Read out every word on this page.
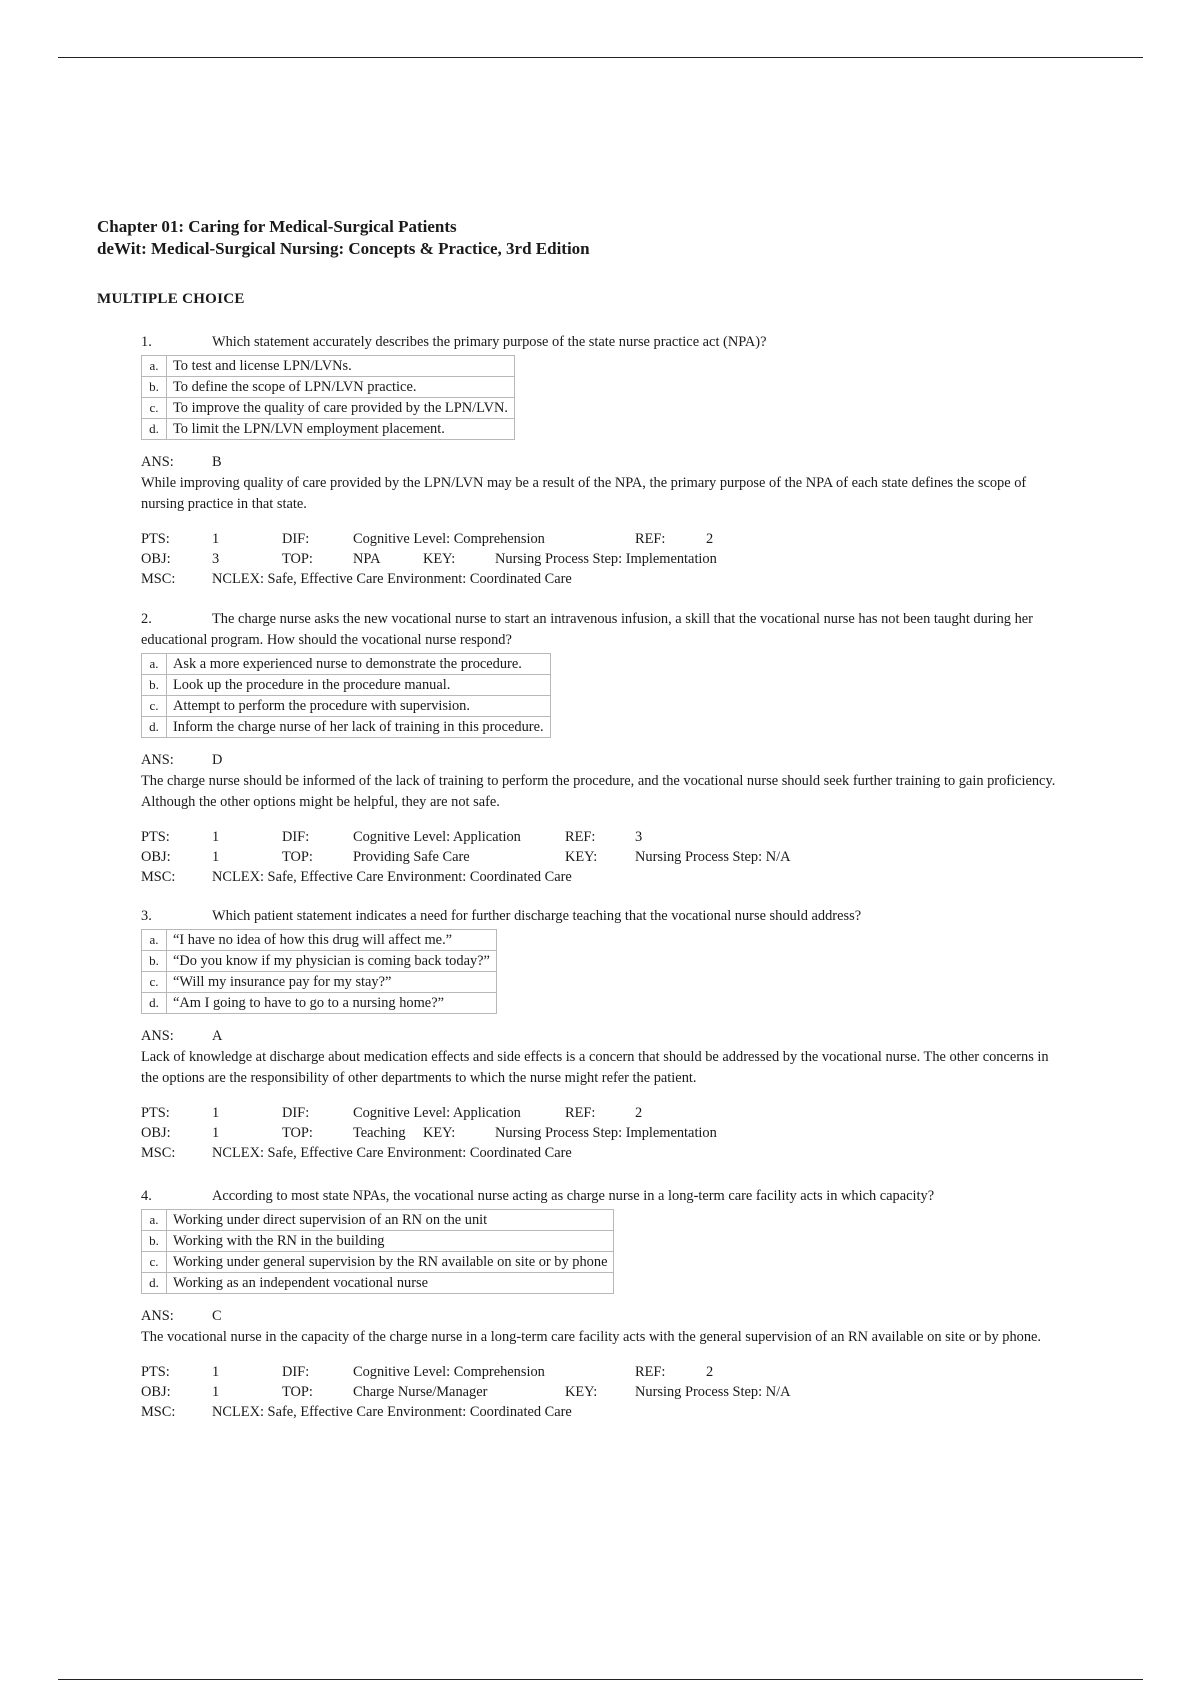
Chapter 01: Caring for Medical-Surgical Patients
deWit: Medical-Surgical Nursing: Concepts & Practice, 3rd Edition
MULTIPLE CHOICE
1.	Which statement accurately describes the primary purpose of the state nurse practice act (NPA)?
a.	To test and license LPN/LVNs.
b.	To define the scope of LPN/LVN practice.
c.	To improve the quality of care provided by the LPN/LVN.
d.	To limit the LPN/LVN employment placement.
ANS:	B
While improving quality of care provided by the LPN/LVN may be a result of the NPA, the primary purpose of the NPA of each state defines the scope of nursing practice in that state.
PTS:	1	DIF:	Cognitive Level: Comprehension	REF:	2
OBJ:	3	TOP:	NPA	KEY:	Nursing Process Step: Implementation
MSC:	NCLEX: Safe, Effective Care Environment: Coordinated Care
2.	The charge nurse asks the new vocational nurse to start an intravenous infusion, a skill that the vocational nurse has not been taught during her educational program. How should the vocational nurse respond?
a.	Ask a more experienced nurse to demonstrate the procedure.
b.	Look up the procedure in the procedure manual.
c.	Attempt to perform the procedure with supervision.
d.	Inform the charge nurse of her lack of training in this procedure.
ANS:	D
The charge nurse should be informed of the lack of training to perform the procedure, and the vocational nurse should seek further training to gain proficiency. Although the other options might be helpful, they are not safe.
PTS:	1	DIF:	Cognitive Level: Application	REF:	3
OBJ:	1	TOP:	Providing Safe Care	KEY:	Nursing Process Step: N/A
MSC:	NCLEX: Safe, Effective Care Environment: Coordinated Care
3.	Which patient statement indicates a need for further discharge teaching that the vocational nurse should address?
a.	“I have no idea of how this drug will affect me.”
b.	“Do you know if my physician is coming back today?”
c.	“Will my insurance pay for my stay?”
d.	“Am I going to have to go to a nursing home?”
ANS:	A
Lack of knowledge at discharge about medication effects and side effects is a concern that should be addressed by the vocational nurse. The other concerns in the options are the responsibility of other departments to which the nurse might refer the patient.
PTS:	1	DIF:	Cognitive Level: Application	REF:	2
OBJ:	1	TOP:	Teaching KEY:	Nursing Process Step: Implementation
MSC:	NCLEX: Safe, Effective Care Environment: Coordinated Care
4.	According to most state NPAs, the vocational nurse acting as charge nurse in a long-term care facility acts in which capacity?
a.	Working under direct supervision of an RN on the unit
b.	Working with the RN in the building
c.	Working under general supervision by the RN available on site or by phone
d.	Working as an independent vocational nurse
ANS:	C
The vocational nurse in the capacity of the charge nurse in a long-term care facility acts with the general supervision of an RN available on site or by phone.
PTS:	1	DIF:	Cognitive Level: Comprehension	REF:	2
OBJ:	1	TOP:	Charge Nurse/Manager	KEY:	Nursing Process Step: N/A
MSC:	NCLEX: Safe, Effective Care Environment: Coordinated Care
